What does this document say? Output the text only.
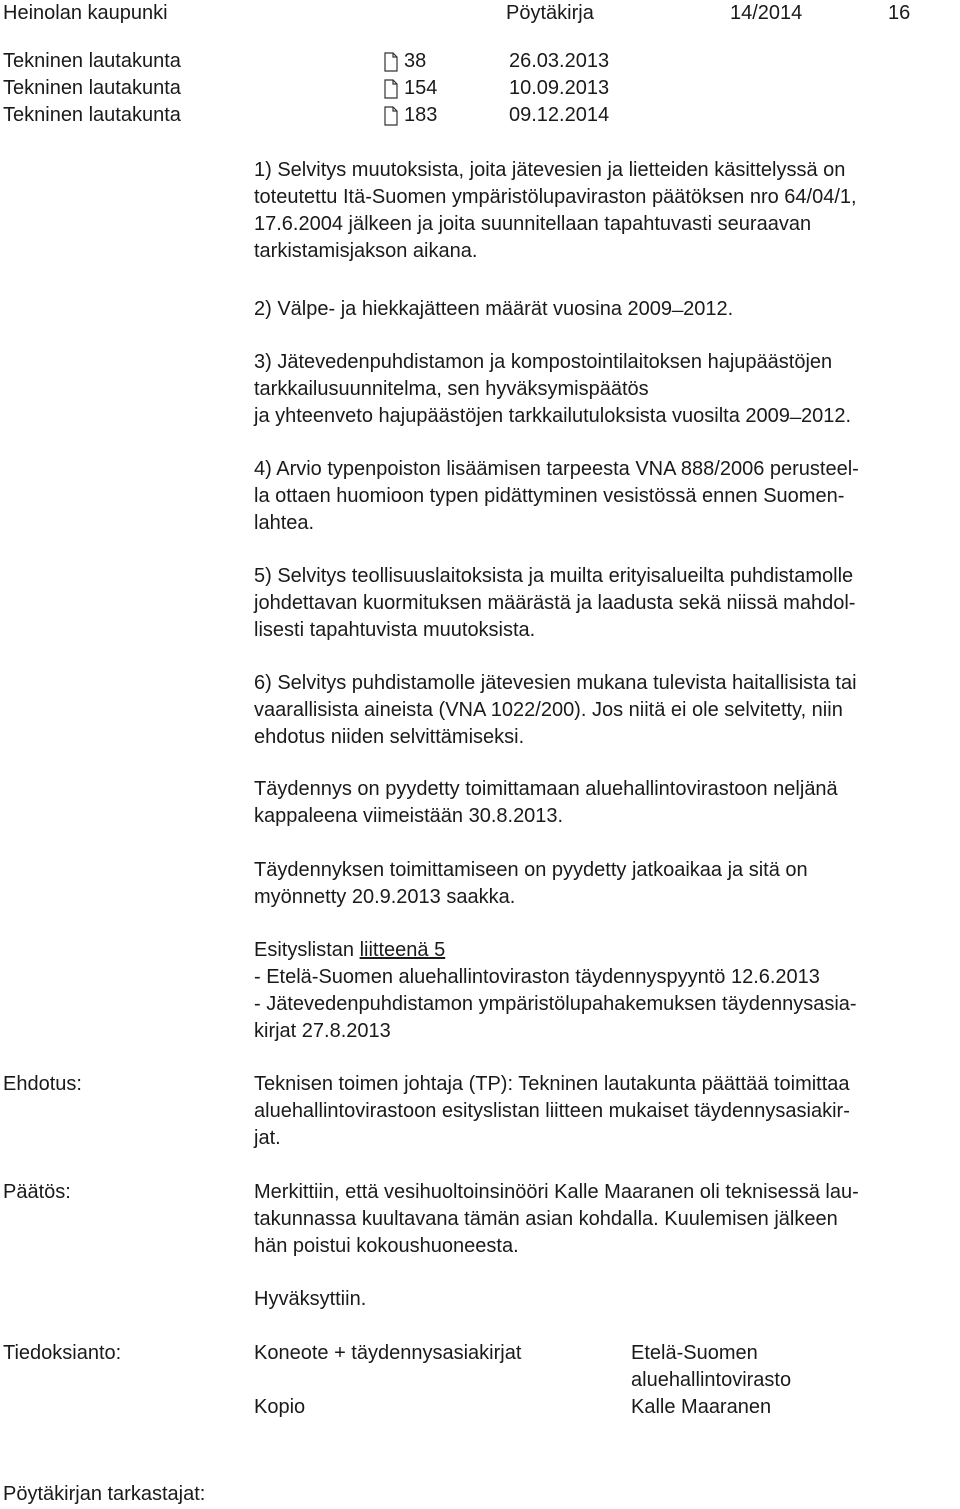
Heinolan kaupunki	Pöytäkirja	14/2014	16
Tekninen lautakunta	38	26.03.2013
Tekninen lautakunta	154	10.09.2013
Tekninen lautakunta	183	09.12.2014
1) Selvitys muutoksista, joita jätevesien ja lietteiden käsittelyssä on
toteutettu Itä-Suomen ympäristölupaviraston päätöksen nro 64/04/1,
17.6.2004 jälkeen ja joita suunnitellaan tapahtuvasti seuraavan
tarkistamisjakson aikana.
2) Välpe- ja hiekkajätteen määrät vuosina 2009 ̶ 2012.
3) Jätevedenpuhdistamon ja kompostointilaitoksen hajupäästöjen
tarkkailusuunnitelma, sen hyväksymispäätös
ja yhteenveto hajupäästöjen tarkkailutuloksista vuosilta 2009 ̶ 2012.
4) Arvio typenpoiston lisäämisen tarpeesta VNA 888/2006 perusteel-
la ottaen huomioon typen pidättyminen vesistössä ennen Suomen-
lahtea.
5) Selvitys teollisuuslaitoksista ja muilta erityisalueilta puhdistamolle
johdettavan kuormituksen määrästä ja laadusta sekä niissä mahdol-
lisesti tapahtuvista muutoksista.
6) Selvitys puhdistamolle jätevesien mukana tulevista haitallisista tai
vaarallisista aineista (VNA 1022/200). Jos niitä ei ole selvitetty, niin
ehdotus niiden selvittämiseksi.
Täydennys on pyydetty toimittamaan aluehallintovirastoon neljänä
kappaleena viimeistään 30.8.2013.
Täydennyksen toimittamiseen on pyydetty jatkoaikaa ja sitä on
myönnetty 20.9.2013 saakka.
Esityslistan liitteenä 5
- Etelä-Suomen aluehallintoviraston täydennyspyyntö 12.6.2013
- Jätevedenpuhdistamon ympäristölupahakemuksen täydennysasia-
kirjat 27.8.2013
Ehdotus:	Teknisen toimen johtaja (TP): Tekninen lautakunta päättää toimittaa
aluehallintovirastoon esityslistan liitteen mukaiset täydennysasiakir-
jat.
Päätös:	Merkittiin, että vesihuoltoinsinööri Kalle Maaranen oli teknisessä lau-
takunnassa kuultavana tämän asian kohdalla. Kuulemisen jälkeen
hän poistui kokoushuoneesta.
Hyväksyttiin.
Tiedoksianto:	Koneote + täydennysasiakirjat	Etelä-Suomen
aluehallintovirasto
Kopio	Kalle Maaranen
Pöytäkirjan tarkastajat:
